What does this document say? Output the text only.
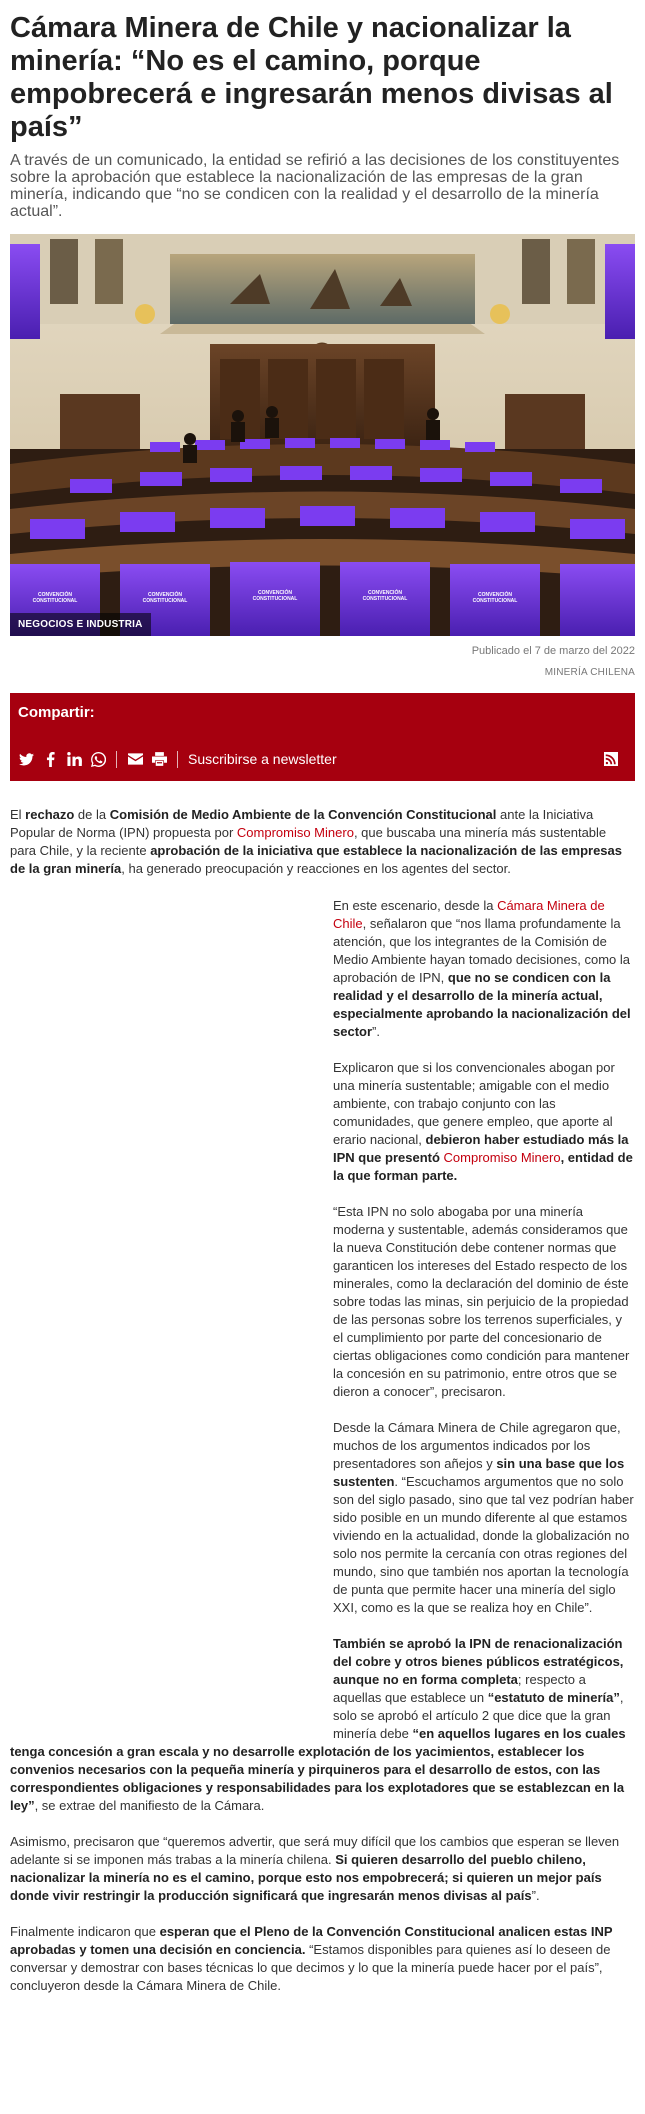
Cámara Minera de Chile y nacionalizar la minería: “No es el camino, porque empobrecerá e ingresarán menos divisas al país”

A través de un comunicado, la entidad se refirió a las decisiones de los constituyentes sobre la aprobación que establece la nacionalización de las empresas de la gran minería, indicando que “no se condicen con la realidad y el desarrollo de la minería actual”.

CONVENCIÓN
CONSTITUCIONAL
CONVENCIÓN
CONSTITUCIONAL
CONVENCIÓN
CONSTITUCIONAL
CONVENCIÓN
CONSTITUCIONAL
CONVENCIÓN
CONSTITUCIONAL
NEGOCIOS E INDUSTRIA
Publicado el 7 de marzo del 2022
MINERÍA CHILENA
Compartir:
Suscribirse a newsletter

El rechazo de la Comisión de Medio Ambiente de la Convención Constitucional ante la Iniciativa Popular de Norma (IPN) propuesta por Compromiso Minero, que buscaba una minería más sustentable para Chile, y la reciente aprobación de la iniciativa que establece la nacionalización de las empresas de la gran minería, ha generado preocupación y reacciones en los agentes del sector.

En este escenario, desde la Cámara Minera de Chile, señalaron que “nos llama profundamente la atención, que los integrantes de la Comisión de Medio Ambiente hayan tomado decisiones, como la aprobación de IPN, que no se condicen con la realidad y el desarrollo de la minería actual, especialmente aprobando la nacionalización del sector”.

Explicaron que si los convencionales abogan por una minería sustentable; amigable con el medio ambiente, con trabajo conjunto con las comunidades, que genere empleo, que aporte al erario nacional, debieron haber estudiado más la IPN que presentó Compromiso Minero, entidad de la que forman parte.

“Esta IPN no solo abogaba por una minería moderna y sustentable, además consideramos que la nueva Constitución debe contener normas que garanticen los intereses del Estado respecto de los minerales, como la declaración del dominio de éste sobre todas las minas, sin perjuicio de la propiedad de las personas sobre los terrenos superficiales, y el cumplimiento por parte del concesionario de ciertas obligaciones como condición para mantener la concesión en su patrimonio, entre otros que se dieron a conocer”, precisaron.

Desde la Cámara Minera de Chile agregaron que, muchos de los argumentos indicados por los presentadores son añejos y sin una base que los sustenten. “Escuchamos argumentos que no solo son del siglo pasado, sino que tal vez podrían haber sido posible en un mundo diferente al que estamos viviendo en la actualidad, donde la globalización no solo nos permite la cercanía con otras regiones del mundo, sino que también nos aportan la tecnología de punta que permite hacer una minería del siglo XXI, como es la que se realiza hoy en Chile”.

También se aprobó la IPN de renacionalización del cobre y otros bienes públicos estratégicos, aunque no en forma completa; respecto a aquellas que establece un “estatuto de minería”, solo se aprobó el artículo 2 que dice que la gran minería debe “en aquellos lugares en los cuales tenga concesión a gran escala y no desarrolle explotación de los yacimientos, establecer los convenios necesarios con la pequeña minería y pirquineros para el desarrollo de estos, con las correspondientes obligaciones y responsabilidades para los explotadores que se establezcan en la ley”, se extrae del manifiesto de la Cámara.

Asimismo, precisaron que “queremos advertir, que será muy difícil que los cambios que esperan se lleven adelante si se imponen más trabas a la minería chilena. Si quieren desarrollo del pueblo chileno, nacionalizar la minería no es el camino, porque esto nos empobrecerá; si quieren un mejor país donde vivir restringir la producción significará que ingresarán menos divisas al país”.

Finalmente indicaron que esperan que el Pleno de la Convención Constitucional analicen estas INP aprobadas y tomen una decisión en conciencia. “Estamos disponibles para quienes así lo deseen de conversar y demostrar con bases técnicas lo que decimos y lo que la minería puede hacer por el país”, concluyeron desde la Cámara Minera de Chile.
